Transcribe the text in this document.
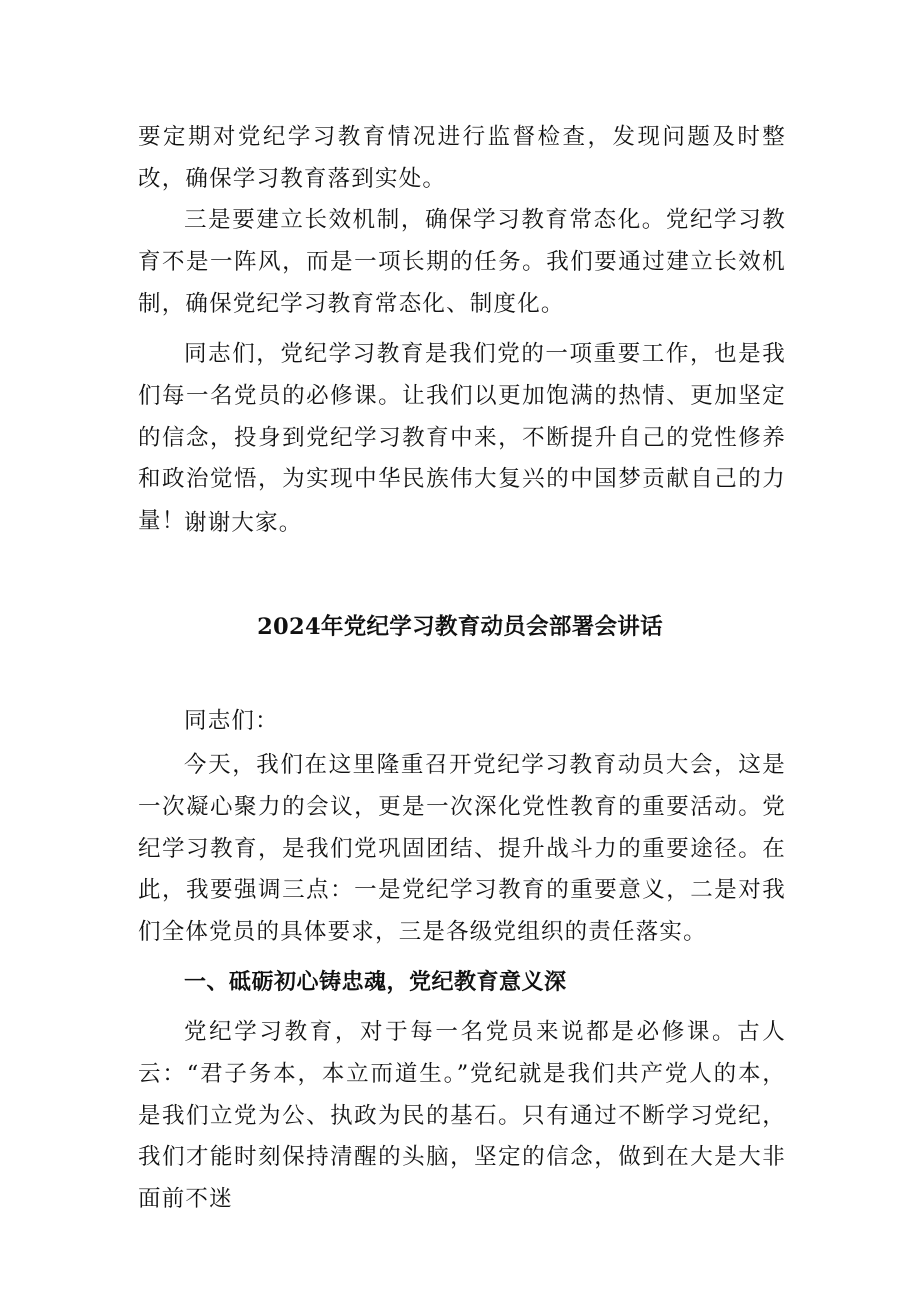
要定期对党纪学习教育情况进行监督检查，发现问题及时整改，确保学习教育落到实处。

三是要建立长效机制，确保学习教育常态化。党纪学习教育不是一阵风，而是一项长期的任务。我们要通过建立长效机制，确保党纪学习教育常态化、制度化。

同志们，党纪学习教育是我们党的一项重要工作，也是我们每一名党员的必修课。让我们以更加饱满的热情、更加坚定的信念，投身到党纪学习教育中来，不断提升自己的党性修养和政治觉悟，为实现中华民族伟大复兴的中国梦贡献自己的力量！

谢谢大家。

2024年党纪学习教育动员会部署会讲话

同志们：

今天，我们在这里隆重召开党纪学习教育动员大会，这是一次凝心聚力的会议，更是一次深化党性教育的重要活动。党纪学习教育，是我们党巩固团结、提升战斗力的重要途径。在此，我要强调三点：一是党纪学习教育的重要意义，二是对我们全体党员的具体要求，三是各级党组织的责任落实。

一、砥砺初心铸忠魂，党纪教育意义深

党纪学习教育，对于每一名党员来说都是必修课。古人云：“君子务本，本立而道生。”党纪就是我们共产党人的本，是我们立党为公、执政为民的基石。只有通过不断学习党纪，我们才能时刻保持清醒的头脑，坚定的信念，做到在大是大非面前不迷
